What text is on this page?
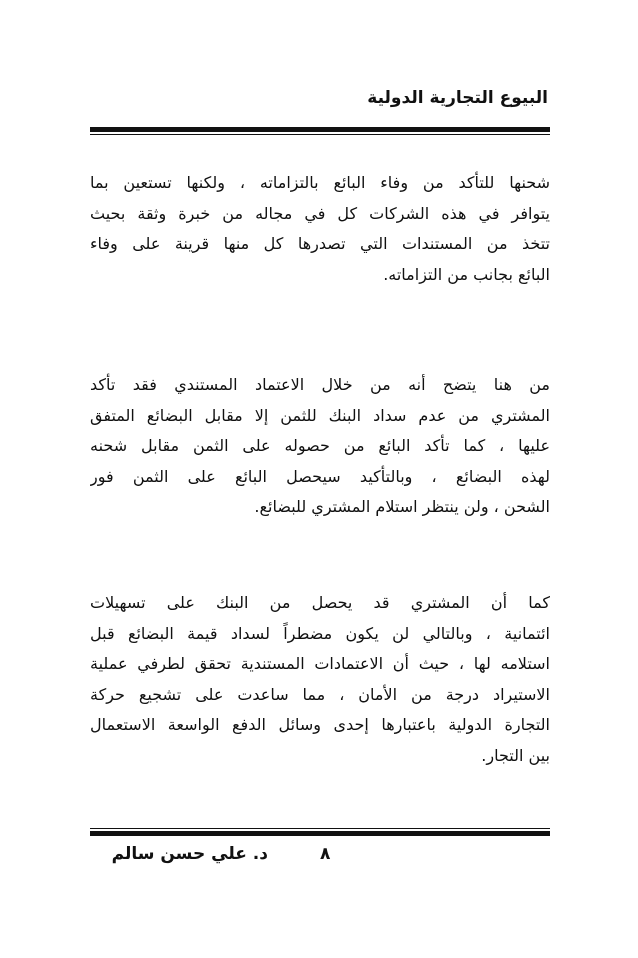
البيوع التجارية الدولية
شحنها للتأكد من وفاء البائع بالتزاماته ، ولكنها تستعين بما
يتوافر في هذه الشركات كل في مجاله من خبرة وثقة بحيث
تتخذ من المستندات التي تصدرها كل منها قرينة على وفاء
البائع بجانب من التزاماته.
من هنا يتضح أنه من خلال الاعتماد المستندي فقد تأكد
المشتري من عدم سداد البنك للثمن إلا مقابل البضائع المتفق
عليها ، كما تأكد البائع من حصوله على الثمن مقابل شحنه
لهذه البضائع ، وبالتأكيد سيحصل البائع على الثمن فور
الشحن ، ولن ينتظر استلام المشتري للبضائع.
كما أن المشتري قد يحصل من البنك على تسهيلات
ائتمانية ، وبالتالي لن يكون مضطراً لسداد قيمة البضائع قبل
استلامه لها ، حيث أن الاعتمادات المستندية تحقق لطرفي عملية
الاستيراد درجة من الأمان ، مما ساعدت على تشجيع حركة
التجارة الدولية باعتبارها إحدى وسائل الدفع الواسعة الاستعمال
بين التجار.
٨
د. علي حسن سالم
